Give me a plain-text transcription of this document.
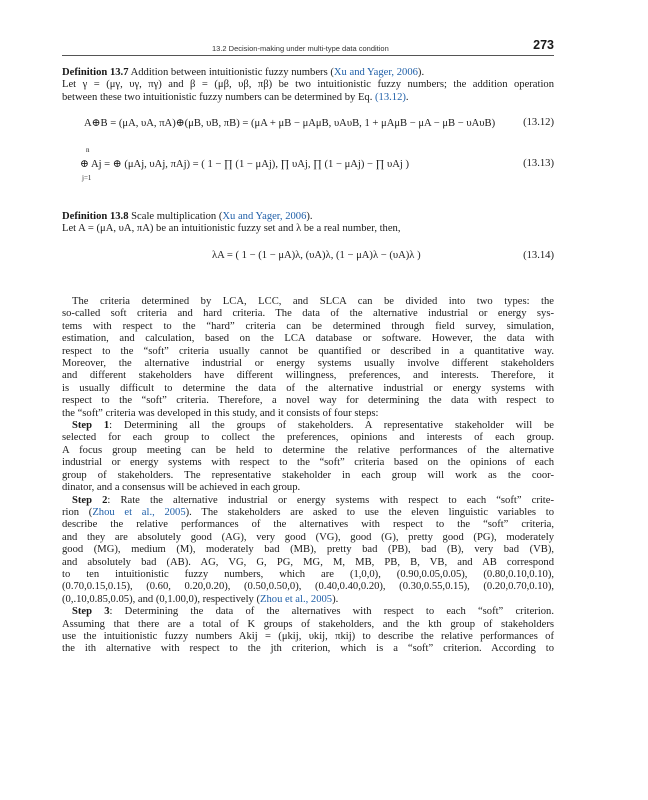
13.2 Decision-making under multi-type data condition	273
Definition 13.7 Addition between intuitionistic fuzzy numbers (Xu and Yager, 2006).
Let γ = (μγ, υγ, πγ) and β = (μβ, υβ, πβ) be two intuitionistic fuzzy numbers; the addition operation
between these two intuitionistic fuzzy numbers can be determined by Eq. (13.12).
A⊕B = (μA, υA, πA)⊕(μB, υB, πB) = (μA + μB − μAμB, υAυB, 1 + μAμB − μA − μB − υAυB)	(13.12)
n
j=1
⊕ Aj = ⊕ (μAj, υAj, πAj) = ( 1 − ∏ (1 − μAj), ∏ υAj, ∏ (1 − μAj) − ∏ υAj )	(13.13)
Definition 13.8 Scale multiplication (Xu and Yager, 2006).
Let A = (μA, υA, πA) be an intuitionistic fuzzy set and λ be a real number, then,
λA = ( 1 − (1 − μA)λ, (υA)λ, (1 − μA)λ − (υA)λ )	(13.14)
The criteria determined by LCA, LCC, and SLCA can be divided into two types: the
so-called soft criteria and hard criteria. The data of the alternative industrial or energy sys-
tems with respect to the “hard” criteria can be determined through field survey, simulation,
estimation, and calculation, based on the LCA database or software. However, the data with
respect to the “soft” criteria usually cannot be quantified or described in a quantitative way.
Moreover, the alternative industrial or energy systems usually involve different stakeholders
and different stakeholders have different willingness, preferences, and interests. Therefore, it
is usually difficult to determine the data of the alternative industrial or energy systems with
respect to the “soft” criteria. Therefore, a novel way for determining the data with respect to
the “soft” criteria was developed in this study, and it consists of four steps:
Step 1: Determining all the groups of stakeholders. A representative stakeholder will be
selected for each group to collect the preferences, opinions and interests of each group.
A focus group meeting can be held to determine the relative performances of the alternative
industrial or energy systems with respect to the “soft” criteria based on the opinions of each
group of stakeholders. The representative stakeholder in each group will work as the coor-
dinator, and a consensus will be achieved in each group.
Step 2: Rate the alternative industrial or energy systems with respect to each “soft” crite-
rion (Zhou et al., 2005). The stakeholders are asked to use the eleven linguistic variables to
describe the relative performances of the alternatives with respect to the “soft” criteria,
and they are absolutely good (AG), very good (VG), good (G), pretty good (PG), moderately
good (MG), medium (M), moderately bad (MB), pretty bad (PB), bad (B), very bad (VB),
and absolutely bad (AB). AG, VG, G, PG, MG, M, MB, PB, B, VB, and AB correspond
to ten intuitionistic fuzzy numbers, which are (1,0,0), (0.90,0.05,0.05), (0.80,0.10,0.10),
(0.70,0.15,0.15), (0.60, 0.20,0.20), (0.50,0.50,0), (0.40,0.40,0.20), (0.30,0.55,0.15), (0.20,0.70,0.10),
(0,.10,0.85,0.05), and (0,1.00,0), respectively (Zhou et al., 2005).
Step 3: Determining the data of the alternatives with respect to each “soft” criterion.
Assuming that there are a total of K groups of stakeholders, and the kth group of stakeholders
use the intuitionistic fuzzy numbers Akij = (μkij, υkij, πkij) to describe the relative performances of
the ith alternative with respect to the jth criterion, which is a “soft” criterion. According to
